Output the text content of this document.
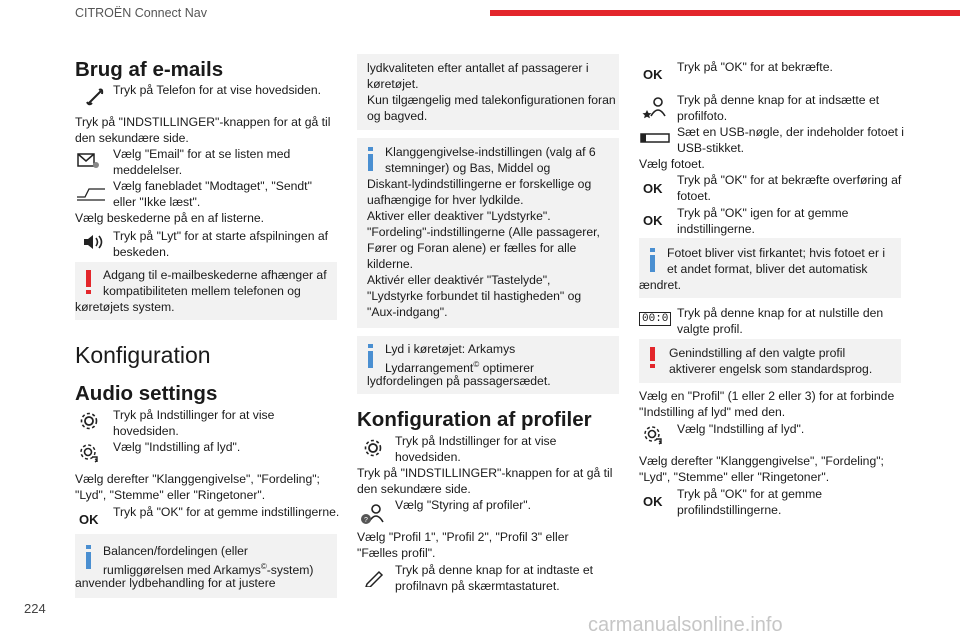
CITROËN Connect Nav
224
carmanualsonline.info
Brug af e-mails
Tryk på Telefon for at vise hovedsiden.
Tryk på "INDSTILLINGER"-knappen for at gå til
den sekundære side.
Vælg "Email" for at se listen med
meddelelser.
Vælg fanebladet "Modtaget", "Sendt"
eller "Ikke læst".
Vælg beskederne på en af listerne.
Tryk på "Lyt" for at starte afspilningen af
beskeden.
Adgang til e-mailbeskederne afhænger af
kompatibiliteten mellem telefonen og
køretøjets system.
Konfiguration
Audio settings
Tryk på Indstillinger for at vise
hovedsiden.
Vælg "Indstilling af lyd".
Vælg derefter "Klanggengivelse", "Fordeling";
"Lyd", "Stemme" eller "Ringetoner".
OK Tryk på "OK" for at gemme indstillingerne.
Balancen/fordelingen (eller
rumliggørelsen med Arkamys©-system)
anvender lydbehandling for at justere
lydkvaliteten efter antallet af passagerer i
køretøjet.
Kun tilgængelig med talekonfigurationen foran
og bagved.
Klanggengivelse-indstillingen (valg af 6
stemninger) og Bas, Middel og
Diskant-lydindstillingerne er forskellige og
uafhængige for hver lydkilde.
Aktiver eller deaktiver "Lydstyrke".
"Fordeling"-indstillingerne (Alle passagerer,
Fører og Foran alene) er fælles for alle
kilderne.
Aktivér eller deaktivér "Tastelyde",
"Lydstyrke forbundet til hastigheden" og
"Aux-indgang".
Lyd i køretøjet: Arkamys
Lydarrangement© optimerer
lydfordelingen på passagersædet.
Konfiguration af profiler
Tryk på Indstillinger for at vise
hovedsiden.
Tryk på "INDSTILLINGER"-knappen for at gå til
den sekundære side.
?
Vælg "Styring af profiler".
Vælg "Profil 1", "Profil 2", "Profil 3" eller
"Fælles profil".
Tryk på denne knap for at indtaste et
profilnavn på skærmtastaturet.
OK Tryk på "OK" for at bekræfte.
Tryk på denne knap for at indsætte et
profilfoto.
Sæt en USB-nøgle, der indeholder fotoet i
USB-stikket.
Vælg fotoet.
OK
Tryk på "OK" for at bekræfte overføring af
fotoet.
OK Tryk på "OK" igen for at gemme
indstillingerne.
Fotoet bliver vist firkantet; hvis fotoet er i
et andet format, bliver det automatisk
ændret.
00:0 Tryk på denne knap for at nulstille den
valgte profil.
Genindstilling af den valgte profil
aktiverer engelsk som standardsprog.
Vælg en "Profil" (1 eller 2 eller 3) for at forbinde
"Indstilling af lyd" med den.
Vælg "Indstilling af lyd".
Vælg derefter "Klanggengivelse", "Fordeling";
"Lyd", "Stemme" eller "Ringetoner".
OK Tryk på "OK" for at gemme
profilindstillingerne.
